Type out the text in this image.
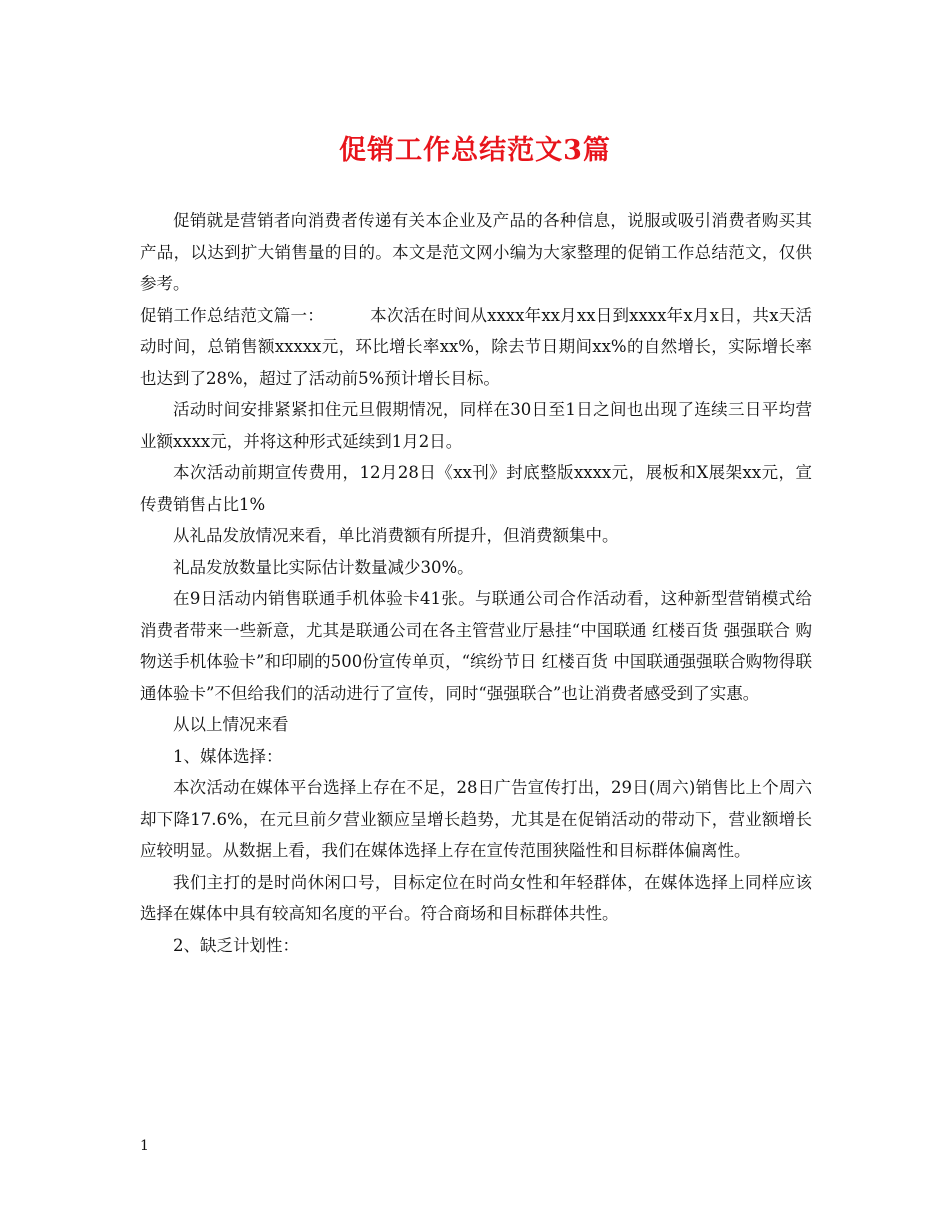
促销工作总结范文3篇

促销就是营销者向消费者传递有关本企业及产品的各种信息，说服或吸引消费者购买其产品，以达到扩大销售量的目的。本文是范文网小编为大家整理的促销工作总结范文，仅供参考。

促销工作总结范文篇一：	本次活在时间从xxxx年xx月xx日到xxxx年x月x日，共x天活动时间，总销售额xxxxx元，环比增长率xx%，除去节日期间xx%的自然增长，实际增长率也达到了28%，超过了活动前5%预计增长目标。

活动时间安排紧紧扣住元旦假期情况，同样在30日至1日之间也出现了连续三日平均营业额xxxx元，并将这种形式延续到1月2日。

本次活动前期宣传费用，12月28日《xx刊》封底整版xxxx元，展板和X展架xx元，宣传费销售占比1%

从礼品发放情况来看，单比消费额有所提升，但消费额集中。

礼品发放数量比实际估计数量减少30%。

在9日活动内销售联通手机体验卡41张。与联通公司合作活动看，这种新型营销模式给消费者带来一些新意，尤其是联通公司在各主管营业厅悬挂“中国联通 红楼百货 强强联合 购物送手机体验卡”和印刷的500份宣传单页，“缤纷节日 红楼百货 中国联通强强联合购物得联通体验卡”不但给我们的活动进行了宣传，同时“强强联合”也让消费者感受到了实惠。

从以上情况来看

1、媒体选择：

本次活动在媒体平台选择上存在不足，28日广告宣传打出，29日(周六)销售比上个周六却下降17.6%，在元旦前夕营业额应呈增长趋势，尤其是在促销活动的带动下，营业额增长应较明显。从数据上看，我们在媒体选择上存在宣传范围狭隘性和目标群体偏离性。

我们主打的是时尚休闲口号，目标定位在时尚女性和年轻群体，在媒体选择上同样应该选择在媒体中具有较高知名度的平台。符合商场和目标群体共性。

2、缺乏计划性：

1
